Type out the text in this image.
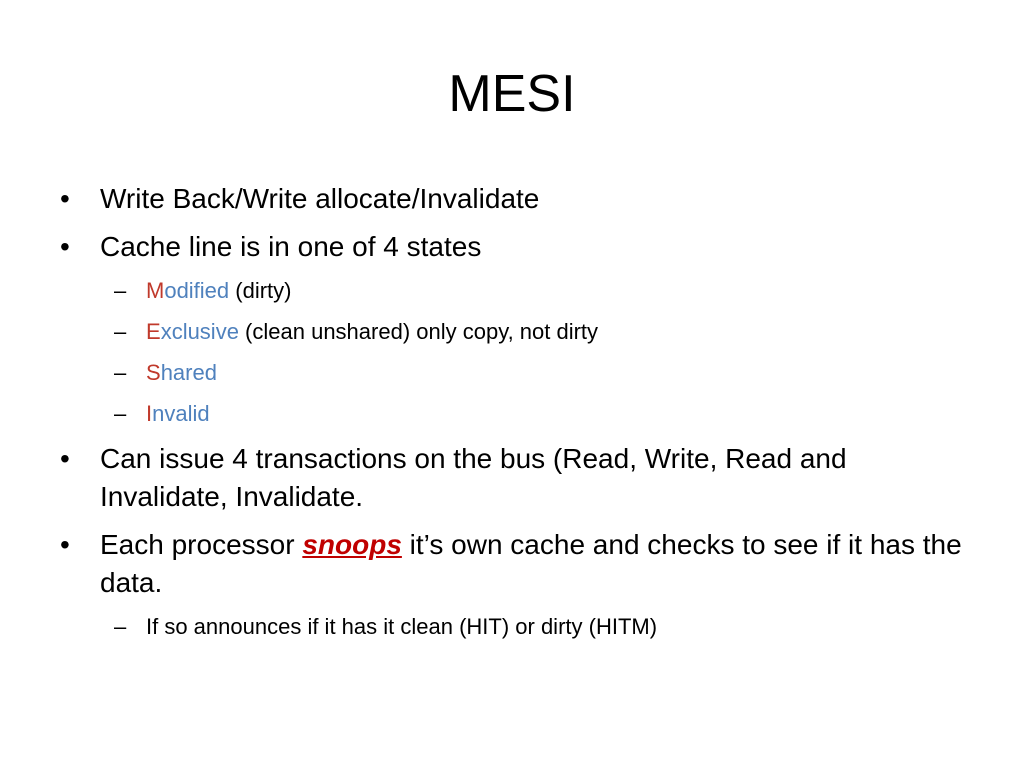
MESI
•	Write Back/Write allocate/Invalidate
•	Cache line is in one of 4 states
– Modified (dirty)
– Exclusive (clean unshared) only copy, not dirty
– Shared
– Invalid
•	Can issue 4 transactions on the bus (Read, Write, Read and Invalidate, Invalidate.
•	Each processor snoops it’s own cache and checks to see if it has the data.
– If so announces if it has it clean (HIT) or dirty (HITM)
